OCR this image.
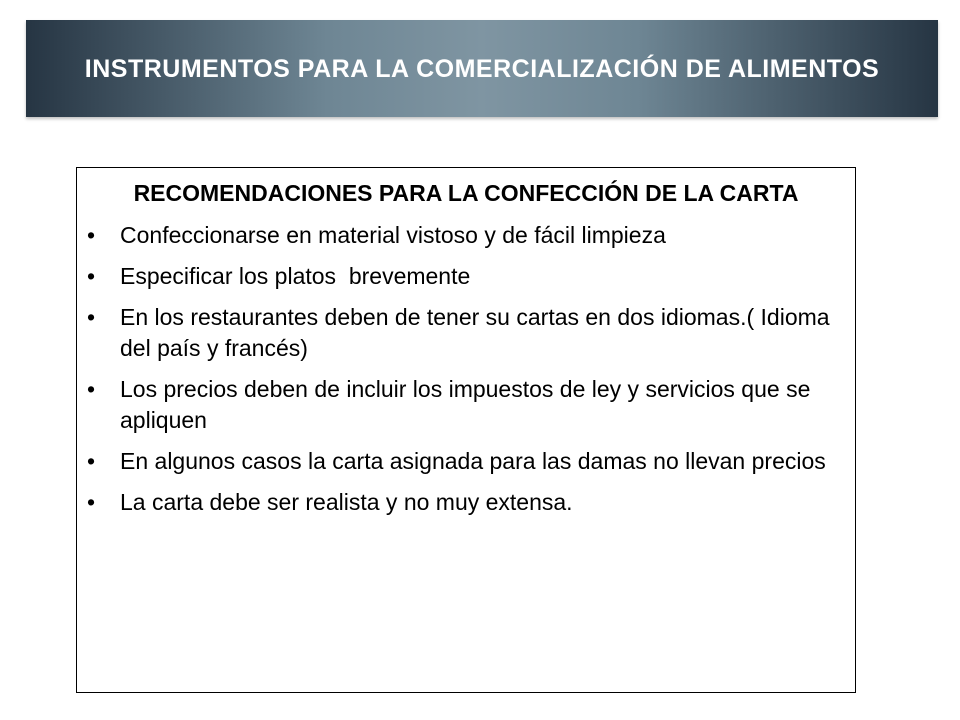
INSTRUMENTOS PARA LA COMERCIALIZACIÓN DE ALIMENTOS
RECOMENDACIONES PARA LA CONFECCIÓN DE LA CARTA
• Confeccionarse en material vistoso y de fácil limpieza
• Especificar los platos  brevemente
• En los restaurantes deben de tener su cartas en dos idiomas.( Idioma del país y francés)
• Los precios deben de incluir los impuestos de ley y servicios que se apliquen
• En algunos casos la carta asignada para las damas no llevan precios
• La carta debe ser realista y no muy extensa.
